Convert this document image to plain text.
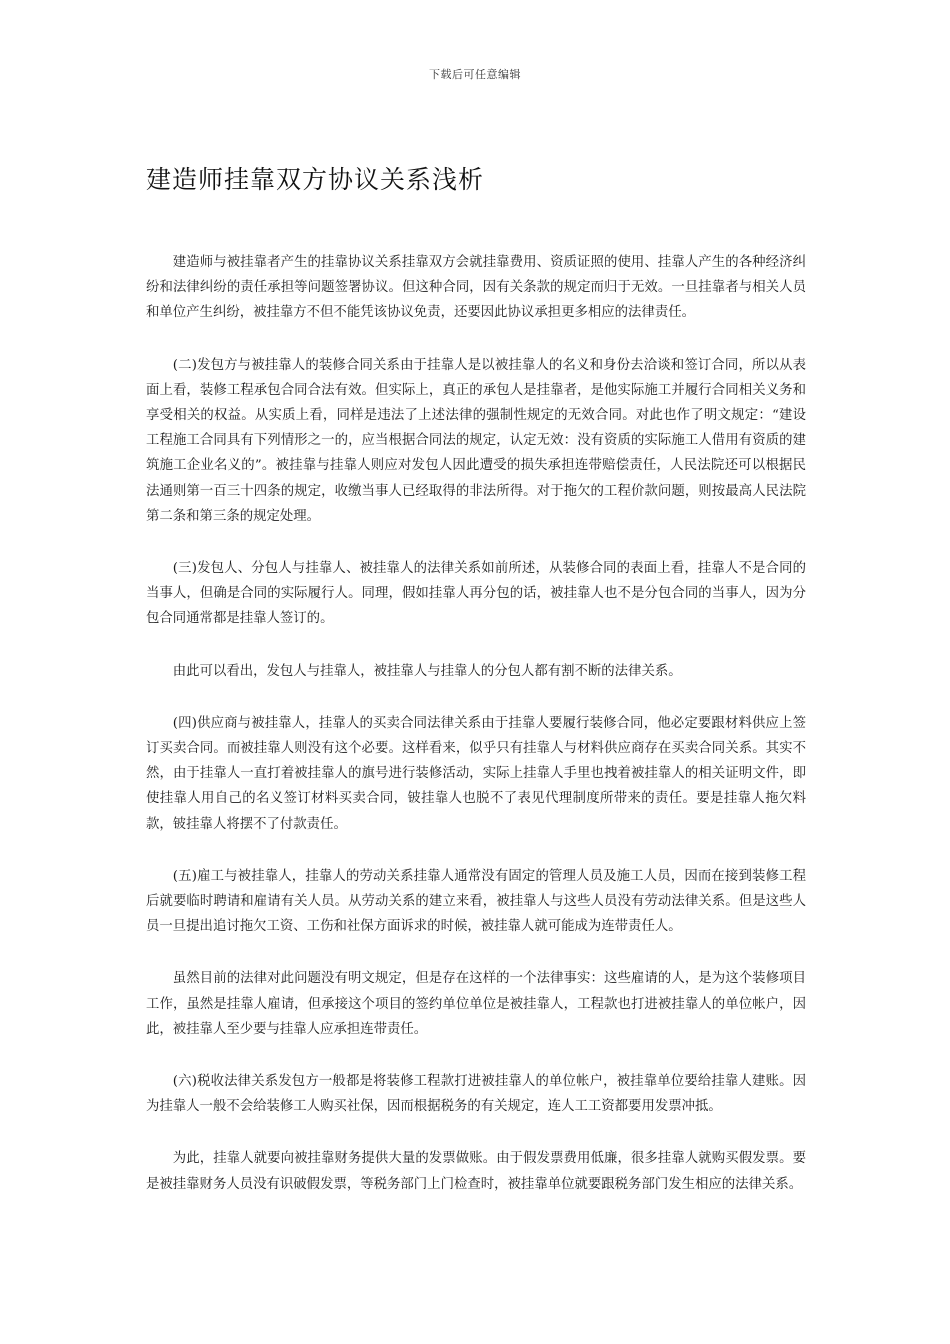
下载后可任意编辑
建造师挂靠双方协议关系浅析

建造师与被挂靠者产生的挂靠协议关系挂靠双方会就挂靠费用、资质证照的使用、挂靠人产生的各种经济纠纷和法律纠纷的责任承担等问题签署协议。但这种合同，因有关条款的规定而归于无效。一旦挂靠者与相关人员和单位产生纠纷，被挂靠方不但不能凭该协议免责，还要因此协议承担更多相应的法律责任。

(二)发包方与被挂靠人的装修合同关系由于挂靠人是以被挂靠人的名义和身份去洽谈和签订合同，所以从表面上看，装修工程承包合同合法有效。但实际上，真正的承包人是挂靠者，是他实际施工并履行合同相关义务和享受相关的权益。从实质上看，同样是违法了上述法律的强制性规定的无效合同。对此也作了明文规定：“建设工程施工合同具有下列情形之一的，应当根据合同法的规定，认定无效：没有资质的实际施工人借用有资质的建筑施工企业名义的”。被挂靠与挂靠人则应对发包人因此遭受的损失承担连带赔偿责任，人民法院还可以根据民法通则第一百三十四条的规定，收缴当事人已经取得的非法所得。对于拖欠的工程价款问题，则按最高人民法院第二条和第三条的规定处理。

(三)发包人、分包人与挂靠人、被挂靠人的法律关系如前所述，从装修合同的表面上看，挂靠人不是合同的当事人，但确是合同的实际履行人。同理，假如挂靠人再分包的话，被挂靠人也不是分包合同的当事人，因为分包合同通常都是挂靠人签订的。

由此可以看出，发包人与挂靠人，被挂靠人与挂靠人的分包人都有割不断的法律关系。

(四)供应商与被挂靠人，挂靠人的买卖合同法律关系由于挂靠人要履行装修合同，他必定要跟材料供应上签订买卖合同。而被挂靠人则没有这个必要。这样看来，似乎只有挂靠人与材料供应商存在买卖合同关系。其实不然，由于挂靠人一直打着被挂靠人的旗号进行装修活动，实际上挂靠人手里也拽着被挂靠人的相关证明文件，即使挂靠人用自己的名义签订材料买卖合同，铍挂靠人也脱不了表见代理制度所带来的责任。要是挂靠人拖欠料款，铍挂靠人将摆不了付款责任。

(五)雇工与被挂靠人，挂靠人的劳动关系挂靠人通常没有固定的管理人员及施工人员，因而在接到装修工程后就要临时聘请和雇请有关人员。从劳动关系的建立来看，被挂靠人与这些人员没有劳动法律关系。但是这些人员一旦提出追讨拖欠工资、工伤和社保方面诉求的时候，被挂靠人就可能成为连带责任人。

虽然目前的法律对此问题没有明文规定，但是存在这样的一个法律事实：这些雇请的人，是为这个装修项目工作，虽然是挂靠人雇请，但承接这个项目的签约单位单位是被挂靠人，工程款也打进被挂靠人的单位帐户，因此，被挂靠人至少要与挂靠人应承担连带责任。

(六)税收法律关系发包方一般都是将装修工程款打进被挂靠人的单位帐户，被挂靠单位要给挂靠人建账。因为挂靠人一般不会给装修工人购买社保，因而根据税务的有关规定，连人工工资都要用发票冲抵。

为此，挂靠人就要向被挂靠财务提供大量的发票做账。由于假发票费用低廉，很多挂靠人就购买假发票。要是被挂靠财务人员没有识破假发票，等税务部门上门检查时，被挂靠单位就要跟税务部门发生相应的法律关系。
